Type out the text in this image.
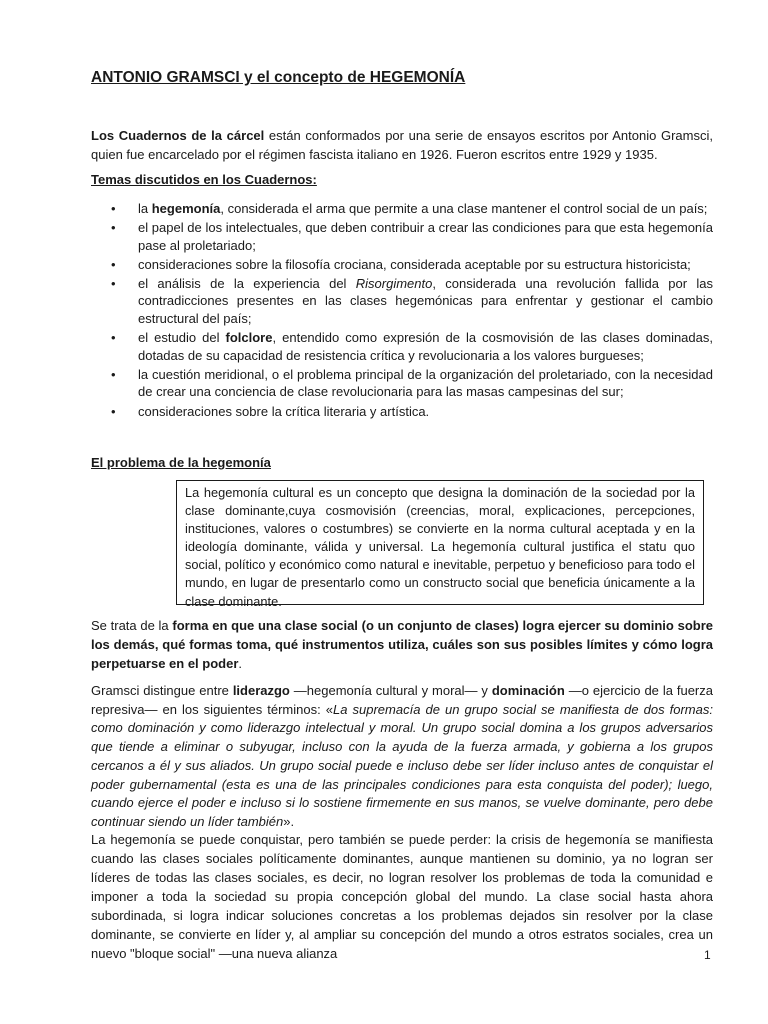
ANTONIO GRAMSCI y el concepto de HEGEMONÍA

Los Cuadernos de la cárcel están conformados por una serie de ensayos escritos por Antonio Gramsci, quien fue encarcelado por el régimen fascista italiano en 1926. Fueron escritos entre 1929 y 1935.

Temas discutidos en los Cuadernos:

• la hegemonía, considerada el arma que permite a una clase mantener el control social de un país;
• el papel de los intelectuales, que deben contribuir a crear las condiciones para que esta hegemonía pase al proletariado;
• consideraciones sobre la filosofía crociana, considerada aceptable por su estructura historicista;
• el análisis de la experiencia del Risorgimento, considerada una revolución fallida por las contradicciones presentes en las clases hegemónicas para enfrentar y gestionar el cambio estructural del país;
• el estudio del folclore, entendido como expresión de la cosmovisión de las clases dominadas, dotadas de su capacidad de resistencia crítica y revolucionaria a los valores burgueses;
• la cuestión meridional, o el problema principal de la organización del proletariado, con la necesidad de crear una conciencia de clase revolucionaria para las masas campesinas del sur;
• consideraciones sobre la crítica literaria y artística.

El problema de la hegemonía

La hegemonía cultural es un concepto que designa la dominación de la sociedad por la clase dominante,cuya cosmovisión (creencias, moral, explicaciones, percepciones, instituciones, valores o costumbres) se convierte en la norma cultural aceptada y en la ideología dominante, válida y universal. La hegemonía cultural justifica el statu quo social, político y económico como natural e inevitable, perpetuo y beneficioso para todo el mundo, en lugar de presentarlo como un constructo social que beneficia únicamente a la clase dominante.

Se trata de la forma en que una clase social (o un conjunto de clases) logra ejercer su dominio sobre los demás, qué formas toma, qué instrumentos utiliza, cuáles son sus posibles límites y cómo logra perpetuarse en el poder.

Gramsci distingue entre liderazgo —hegemonía cultural y moral— y dominación —o ejercicio de la fuerza represiva— en los siguientes términos: «La supremacía de un grupo social se manifiesta de dos formas: como dominación y como liderazgo intelectual y moral. Un grupo social domina a los grupos adversarios que tiende a eliminar o subyugar, incluso con la ayuda de la fuerza armada, y gobierna a los grupos cercanos a él y sus aliados. Un grupo social puede e incluso debe ser líder incluso antes de conquistar el poder gubernamental (esta es una de las principales condiciones para esta conquista del poder); luego, cuando ejerce el poder e incluso si lo sostiene firmemente en sus manos, se vuelve dominante, pero debe continuar siendo un líder también».

La hegemonía se puede conquistar, pero también se puede perder: la crisis de hegemonía se manifiesta cuando las clases sociales políticamente dominantes, aunque mantienen su dominio, ya no logran ser líderes de todas las clases sociales, es decir, no logran resolver los problemas de toda la comunidad e imponer a toda la sociedad su propia concepción global del mundo. La clase social hasta ahora subordinada, si logra indicar soluciones concretas a los problemas dejados sin resolver por la clase dominante, se convierte en líder y, al ampliar su concepción del mundo a otros estratos sociales, crea un nuevo "bloque social" —una nueva alianza	1
